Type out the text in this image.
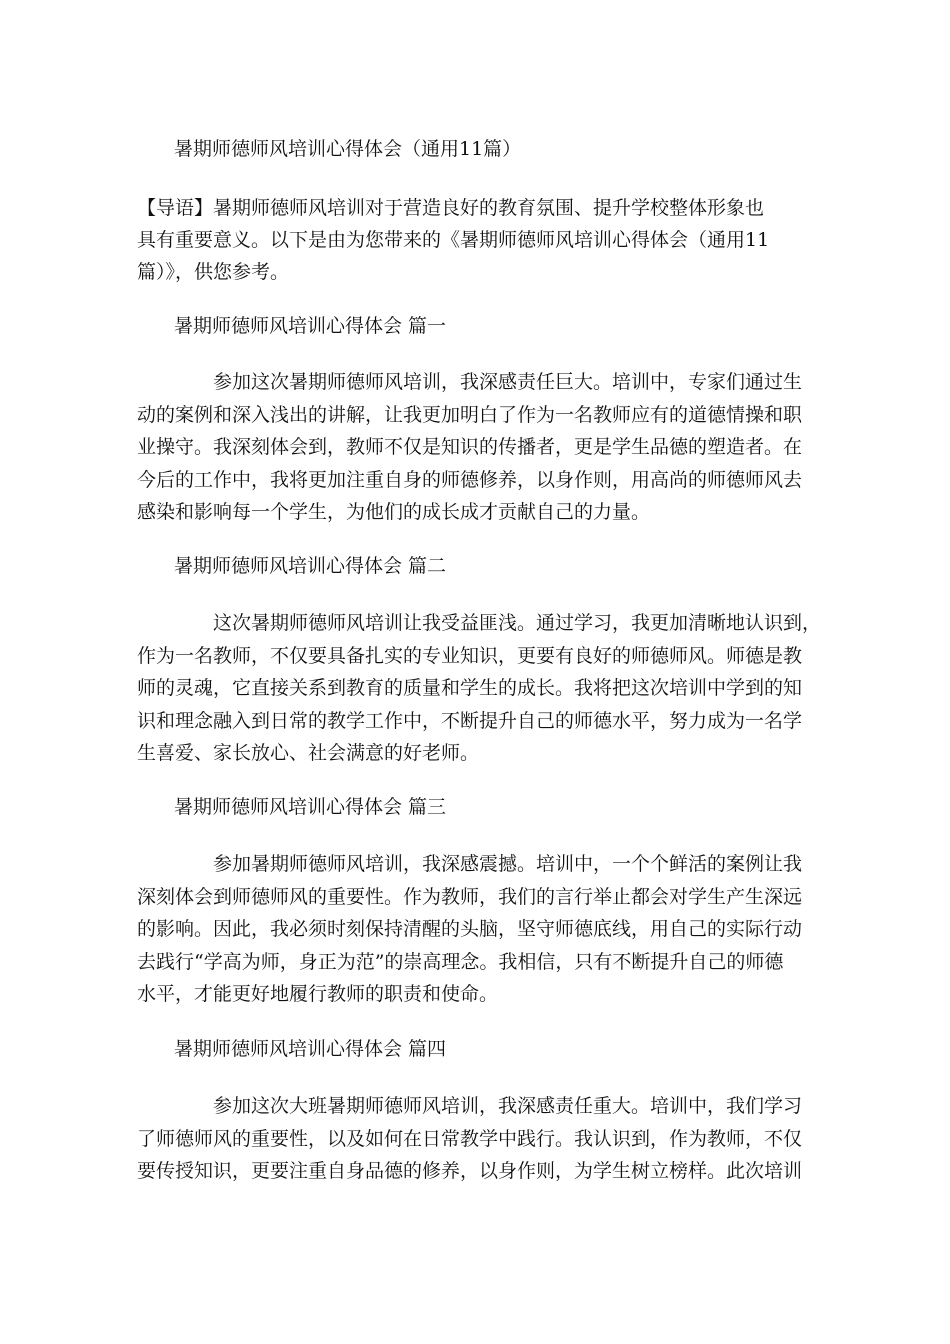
暑期师德师风培训心得体会（通用11篇）

【导语】暑期师德师风培训对于营造良好的教育氛围、提升学校整体形象也
具有重要意义。以下是由为您带来的《暑期师德师风培训心得体会（通用11
篇）》，供您参考。

暑期师德师风培训心得体会 篇一

参加这次暑期师德师风培训，我深感责任巨大。培训中，专家们通过生
动的案例和深入浅出的讲解，让我更加明白了作为一名教师应有的道德情操和职
业操守。我深刻体会到，教师不仅是知识的传播者，更是学生品德的塑造者。在
今后的工作中，我将更加注重自身的师德修养，以身作则，用高尚的师德师风去
感染和影响每一个学生，为他们的成长成才贡献自己的力量。

暑期师德师风培训心得体会 篇二

这次暑期师德师风培训让我受益匪浅。通过学习，我更加清晰地认识到，
作为一名教师，不仅要具备扎实的专业知识，更要有良好的师德师风。师德是教
师的灵魂，它直接关系到教育的质量和学生的成长。我将把这次培训中学到的知
识和理念融入到日常的教学工作中，不断提升自己的师德水平，努力成为一名学
生喜爱、家长放心、社会满意的好老师。

暑期师德师风培训心得体会 篇三

参加暑期师德师风培训，我深感震撼。培训中，一个个鲜活的案例让我
深刻体会到师德师风的重要性。作为教师，我们的言行举止都会对学生产生深远
的影响。因此，我必须时刻保持清醒的头脑，坚守师德底线，用自己的实际行动
去践行“学高为师，身正为范”的崇高理念。我相信，只有不断提升自己的师德
水平，才能更好地履行教师的职责和使命。

暑期师德师风培训心得体会 篇四

参加这次大班暑期师德师风培训，我深感责任重大。培训中，我们学习
了师德师风的重要性，以及如何在日常教学中践行。我认识到，作为教师，不仅
要传授知识，更要注重自身品德的修养，以身作则，为学生树立榜样。此次培训
